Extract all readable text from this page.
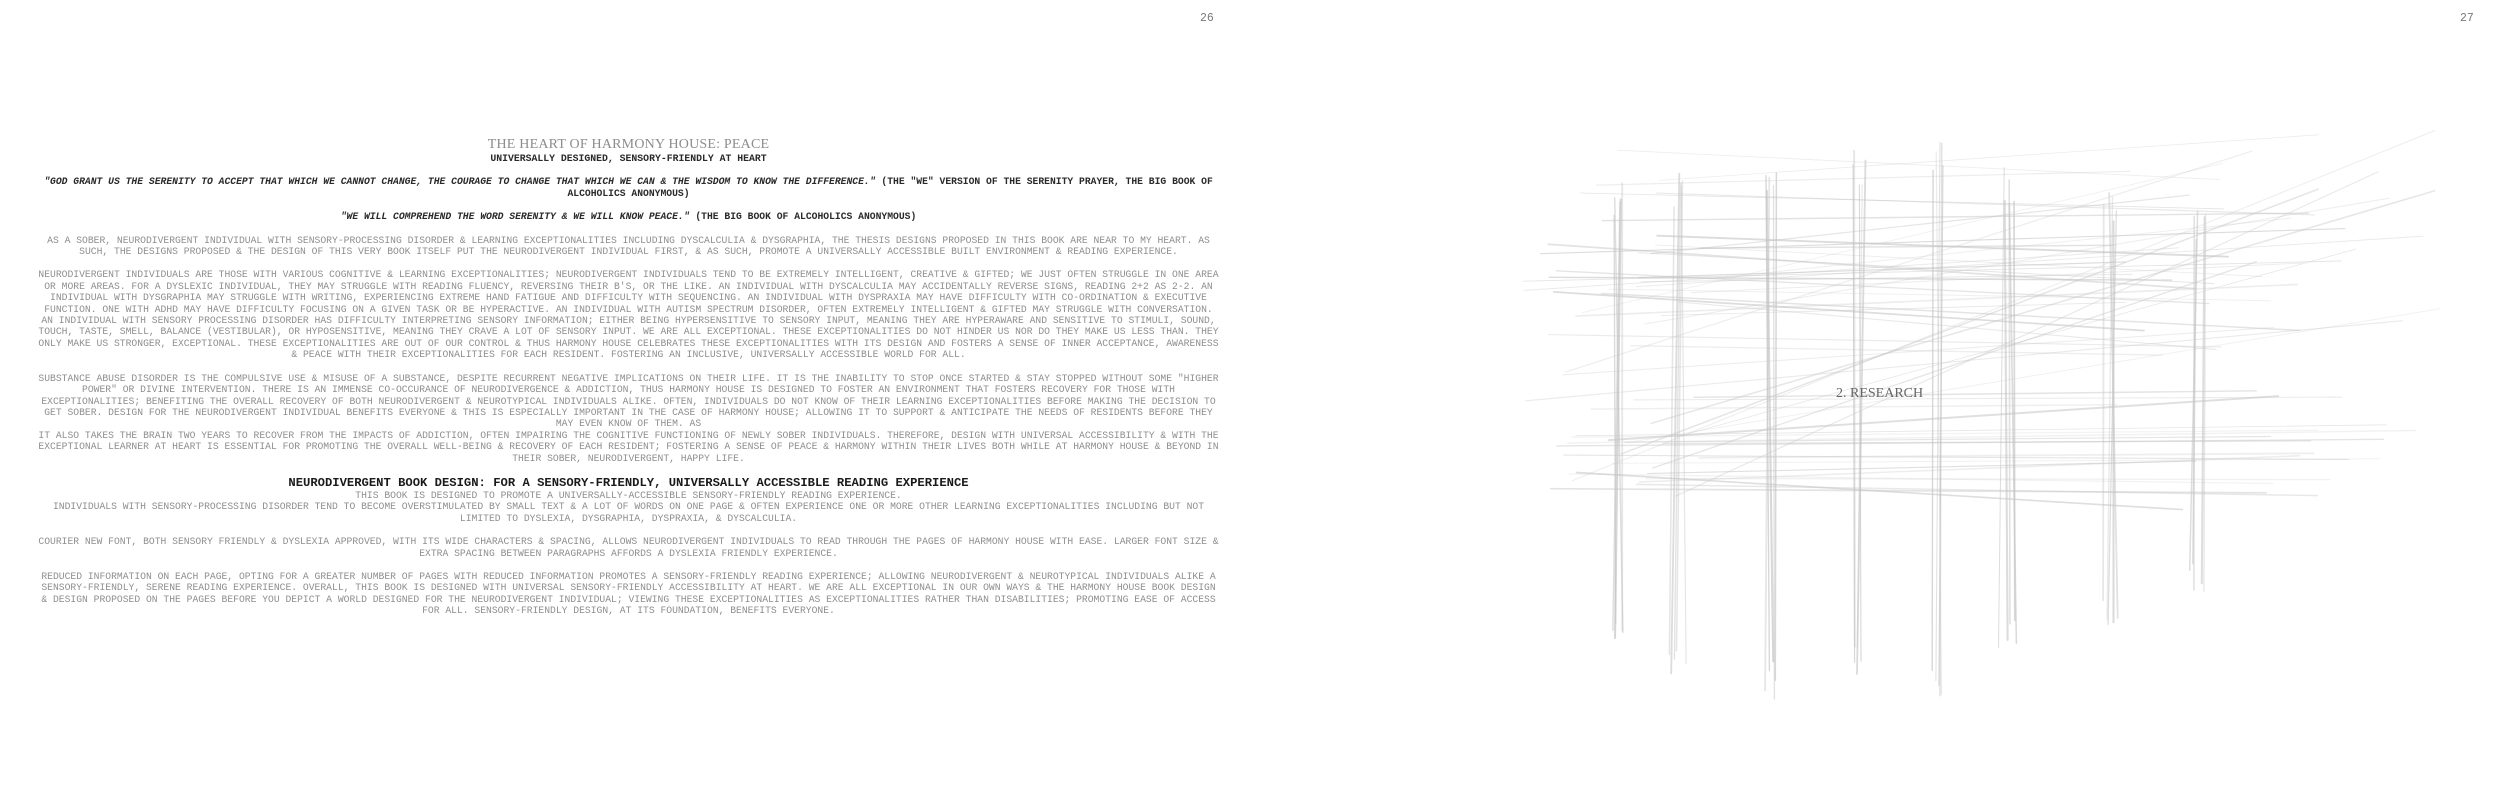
26	27
THE HEART OF HARMONY HOUSE: PEACE
UNIVERSALLY DESIGNED, SENSORY-FRIENDLY AT HEART
"GOD GRANT US THE SERENITY TO ACCEPT THAT WHICH WE CANNOT CHANGE, THE COURAGE TO CHANGE THAT WHICH WE CAN & THE WISDOM TO KNOW THE DIFFERENCE." (THE "WE" VERSION OF THE SERENITY PRAYER, THE BIG BOOK OF ALCOHOLICS ANONYMOUS)
"WE WILL COMPREHEND THE WORD SERENITY & WE WILL KNOW PEACE." (THE BIG BOOK OF ALCOHOLICS ANONYMOUS)

AS A SOBER, NEURODIVERGENT INDIVIDUAL WITH SENSORY-PROCESSING DISORDER & LEARNING EXCEPTIONALITIES INCLUDING DYSCALCULIA & DYSGRAPHIA, THE THESIS DESIGNS PROPOSED IN THIS BOOK ARE NEAR TO MY HEART. AS SUCH, THE DESIGNS PROPOSED & THE DESIGN OF THIS VERY BOOK ITSELF PUT THE NEURODIVERGENT INDIVIDUAL FIRST, & AS SUCH, PROMOTE A UNIVERSALLY ACCESSIBLE BUILT ENVIRONMENT & READING EXPERIENCE.

NEURODIVERGENT INDIVIDUALS ARE THOSE WITH VARIOUS COGNITIVE & LEARNING EXCEPTIONALITIES; NEURODIVERGENT INDIVIDUALS TEND TO BE EXTREMELY INTELLIGENT, CREATIVE & GIFTED; WE JUST OFTEN STRUGGLE IN ONE AREA OR MORE AREAS. FOR A DYSLEXIC INDIVIDUAL, THEY MAY STRUGGLE WITH READING FLUENCY, REVERSING THEIR B'S, OR THE LIKE. AN INDIVIDUAL WITH DYSCALCULIA MAY ACCIDENTALLY REVERSE SIGNS, READING 2+2 AS 2-2. AN INDIVIDUAL WITH DYSGRAPHIA MAY STRUGGLE WITH WRITING, EXPERIENCING EXTREME HAND FATIGUE AND DIFFICULTY WITH SEQUENCING. AN INDIVIDUAL WITH DYSPRAXIA MAY HAVE DIFFICULTY WITH CO-ORDINATION & EXECUTIVE FUNCTION. ONE WITH ADHD MAY HAVE DIFFICULTY FOCUSING ON A GIVEN TASK OR BE HYPERACTIVE. AN INDIVIDUAL WITH AUTISM SPECTRUM DISORDER, OFTEN EXTREMELY INTELLIGENT & GIFTED MAY STRUGGLE WITH CONVERSATION. AN INDIVIDUAL WITH SENSORY PROCESSING DISORDER HAS DIFFICULTY INTERPRETING SENSORY INFORMATION; EITHER BEING HYPERSENSITIVE TO SENSORY INPUT, MEANING THEY ARE HYPERAWARE AND SENSITIVE TO STIMULI, SOUND, TOUCH, TASTE, SMELL, BALANCE (VESTIBULAR), OR HYPOSENSITIVE, MEANING THEY CRAVE A LOT OF SENSORY INPUT. WE ARE ALL EXCEPTIONAL. THESE EXCEPTIONALITIES DO NOT HINDER US NOR DO THEY MAKE US LESS THAN. THEY ONLY MAKE US STRONGER, EXCEPTIONAL. THESE EXCEPTIONALITIES ARE OUT OF OUR CONTROL & THUS HARMONY HOUSE CELEBRATES THESE EXCEPTIONALITIES WITH ITS DESIGN AND FOSTERS A SENSE OF INNER ACCEPTANCE, AWARENESS & PEACE WITH THEIR EXCEPTIONALITIES FOR EACH RESIDENT. FOSTERING AN INCLUSIVE, UNIVERSALLY ACCESSIBLE WORLD FOR ALL.

SUBSTANCE ABUSE DISORDER IS THE COMPULSIVE USE & MISUSE OF A SUBSTANCE, DESPITE RECURRENT NEGATIVE IMPLICATIONS ON THEIR LIFE. IT IS THE INABILITY TO STOP ONCE STARTED & STAY STOPPED WITHOUT SOME "HIGHER POWER" OR DIVINE INTERVENTION. THERE IS AN IMMENSE CO-OCCURANCE OF NEURODIVERGENCE & ADDICTION, THUS HARMONY HOUSE IS DESIGNED TO FOSTER AN ENVIRONMENT THAT FOSTERS RECOVERY FOR THOSE WITH EXCEPTIONALITIES; BENEFITING THE OVERALL RECOVERY OF BOTH NEURODIVERGENT & NEUROTYPICAL INDIVIDUALS ALIKE. OFTEN, INDIVIDUALS DO NOT KNOW OF THEIR LEARNING EXCEPTIONALITIES BEFORE MAKING THE DECISION TO GET SOBER. DESIGN FOR THE NEURODIVERGENT INDIVIDUAL BENEFITS EVERYONE & THIS IS ESPECIALLY IMPORTANT IN THE CASE OF HARMONY HOUSE; ALLOWING IT TO SUPPORT & ANTICIPATE THE NEEDS OF RESIDENTS BEFORE THEY MAY EVEN KNOW OF THEM. AS

IT ALSO TAKES THE BRAIN TWO YEARS TO RECOVER FROM THE IMPACTS OF ADDICTION, OFTEN IMPAIRING THE COGNITIVE FUNCTIONING OF NEWLY SOBER INDIVIDUALS. THEREFORE, DESIGN WITH UNIVERSAL ACCESSIBILITY & WITH THE EXCEPTIONAL LEARNER AT HEART IS ESSENTIAL FOR PROMOTING THE OVERALL WELL-BEING & RECOVERY OF EACH RESIDENT; FOSTERING A SENSE OF PEACE & HARMONY WITHIN THEIR LIVES BOTH WHILE AT HARMONY HOUSE & BEYOND IN THEIR SOBER, NEURODIVERGENT, HAPPY LIFE.

NEURODIVERGENT BOOK DESIGN: FOR A SENSORY-FRIENDLY, UNIVERSALLY ACCESSIBLE READING EXPERIENCE

THIS BOOK IS DESIGNED TO PROMOTE A UNIVERSALLY-ACCESSIBLE SENSORY-FRIENDLY READING EXPERIENCE.

INDIVIDUALS WITH SENSORY-PROCESSING DISORDER TEND TO BECOME OVERSTIMULATED BY SMALL TEXT & A LOT OF WORDS ON ONE PAGE & OFTEN EXPERIENCE ONE OR MORE OTHER LEARNING EXCEPTIONALITIES INCLUDING BUT NOT LIMITED TO DYSLEXIA, DYSGRAPHIA, DYSPRAXIA, & DYSCALCULIA.

COURIER NEW FONT, BOTH SENSORY FRIENDLY & DYSLEXIA APPROVED, WITH ITS WIDE CHARACTERS & SPACING, ALLOWS NEURODIVERGENT INDIVIDUALS TO READ THROUGH THE PAGES OF HARMONY HOUSE WITH EASE. LARGER FONT SIZE & EXTRA SPACING BETWEEN PARAGRAPHS AFFORDS A DYSLEXIA FRIENDLY EXPERIENCE.

REDUCED INFORMATION ON EACH PAGE, OPTING FOR A GREATER NUMBER OF PAGES WITH REDUCED INFORMATION PROMOTES A SENSORY-FRIENDLY READING EXPERIENCE; ALLOWING NEURODIVERGENT & NEUROTYPICAL INDIVIDUALS ALIKE A SENSORY-FRIENDLY, SERENE READING EXPERIENCE. OVERALL, THIS BOOK IS DESIGNED WITH UNIVERSAL SENSORY-FRIENDLY ACCESSIBILITY AT HEART. WE ARE ALL EXCEPTIONAL IN OUR OWN WAYS & THE HARMONY HOUSE BOOK DESIGN & DESIGN PROPOSED ON THE PAGES BEFORE YOU DEPICT A WORLD DESIGNED FOR THE NEURODIVERGENT INDIVIDUAL; VIEWING THESE EXCEPTIONALITIES AS EXCEPTIONALITIES RATHER THAN DISABILITIES; PROMOTING EASE OF ACCESS FOR ALL. SENSORY-FRIENDLY DESIGN, AT ITS FOUNDATION, BENEFITS EVERYONE.

2. RESEARCH
